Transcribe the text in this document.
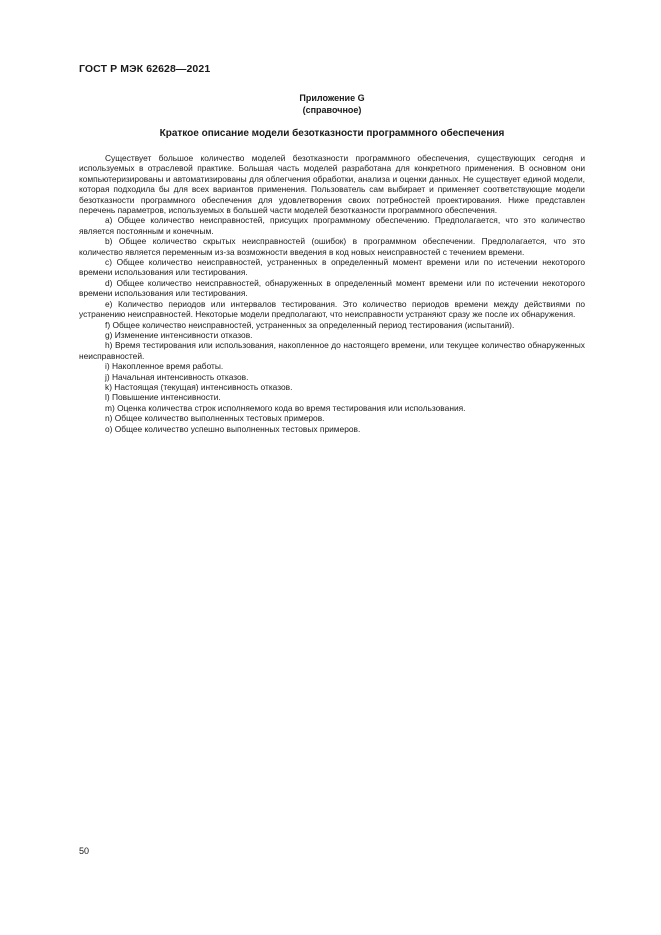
ГОСТ Р МЭК 62628—2021
Приложение G
(справочное)
Краткое описание модели безотказности программного обеспечения

Существует большое количество моделей безотказности программного обеспечения, существующих сегодня и используемых в отраслевой практике. Большая часть моделей разработана для конкретного применения. В основном они компьютеризированы и автоматизированы для облегчения обработки, анализа и оценки данных. Не существует единой модели, которая подходила бы для всех вариантов применения. Пользователь сам выбирает и применяет соответствующие модели безотказности программного обеспечения для удовлетворения своих потребностей проектирования. Ниже представлен перечень параметров, используемых в большей части моделей безотказности программного обеспечения.

a) Общее количество неисправностей, присущих программному обеспечению. Предполагается, что это количество является постоянным и конечным.

b) Общее количество скрытых неисправностей (ошибок) в программном обеспечении. Предполагается, что это количество является переменным из-за возможности введения в код новых неисправностей с течением времени.

c) Общее количество неисправностей, устраненных в определенный момент времени или по истечении некоторого времени использования или тестирования.

d) Общее количество неисправностей, обнаруженных в определенный момент времени или по истечении некоторого времени использования или тестирования.

e) Количество периодов или интервалов тестирования. Это количество периодов времени между действиями по устранению неисправностей. Некоторые модели предполагают, что неисправности устраняют сразу же после их обнаружения.

f) Общее количество неисправностей, устраненных за определенный период тестирования (испытаний).

g) Изменение интенсивности отказов.

h) Время тестирования или использования, накопленное до настоящего времени, или текущее количество обнаруженных неисправностей.

i) Накопленное время работы.

j) Начальная интенсивность отказов.

k) Настоящая (текущая) интенсивность отказов.

l) Повышение интенсивности.

m) Оценка количества строк исполняемого кода во время тестирования или использования.

n) Общее количество выполненных тестовых примеров.

o) Общее количество успешно выполненных тестовых примеров.

50
